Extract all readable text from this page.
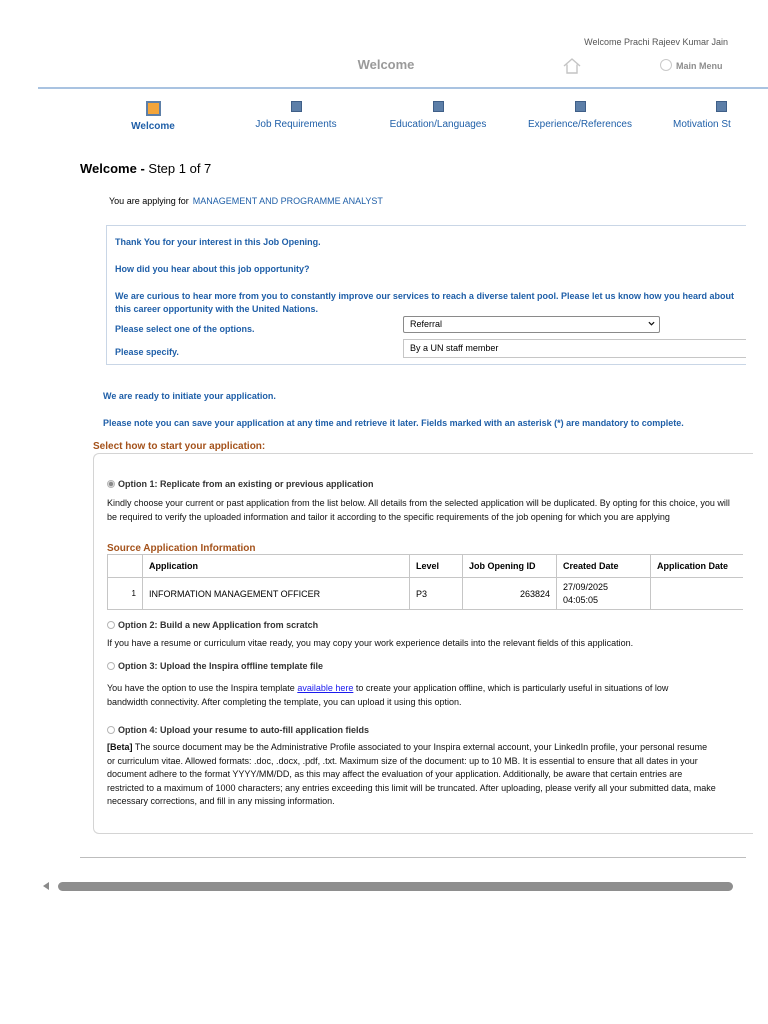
Welcome Prachi Rajeev Kumar Jain
Welcome	Main Menu
Welcome	Job Requirements	Education/Languages	Experience/References	Motivation St
Welcome - Step 1 of 7
You are applying for MANAGEMENT AND PROGRAMME ANALYST
Thank You for your interest in this Job Opening.
How did you hear about this job opportunity?
We are curious to hear more from you to constantly improve our services to reach a diverse talent pool. Please let us know how you heard about this career opportunity with the United Nations.
Please select one of the options.	Referral
Please specify.	By a UN staff member
We are ready to initiate your application.
Please note you can save your application at any time and retrieve it later. Fields marked with an asterisk (*) are mandatory to complete.
Select how to start your application:
Option 1: Replicate from an existing or previous application
Kindly choose your current or past application from the list below. All details from the selected application will be duplicated. By opting for this choice, you will be required to verify the uploaded information and tailor it according to the specific requirements of the job opening for which you are applying
Source Application Information
	Application	Level	Job Opening ID	Created Date	Application Date
1	INFORMATION MANAGEMENT OFFICER	P3	263824	27/09/2025
04:05:05	
Option 2: Build a new Application from scratch
If you have a resume or curriculum vitae ready, you may copy your work experience details into the relevant fields of this application.
Option 3: Upload the Inspira offline template file
You have the option to use the Inspira template available here to create your application offline, which is particularly useful in situations of low bandwidth connectivity. After completing the template, you can upload it using this option.
Option 4: Upload your resume to auto-fill application fields
[Beta] The source document may be the Administrative Profile associated to your Inspira external account, your LinkedIn profile, your personal resume or curriculum vitae. Allowed formats: .doc, .docx, .pdf, .txt. Maximum size of the document: up to 10 MB. It is essential to ensure that all dates in your document adhere to the format YYYY/MM/DD, as this may affect the evaluation of your application. Additionally, be aware that certain entries are restricted to a maximum of 1000 characters; any entries exceeding this limit will be truncated. After uploading, please verify all your submitted data, make necessary corrections, and fill in any missing information.
